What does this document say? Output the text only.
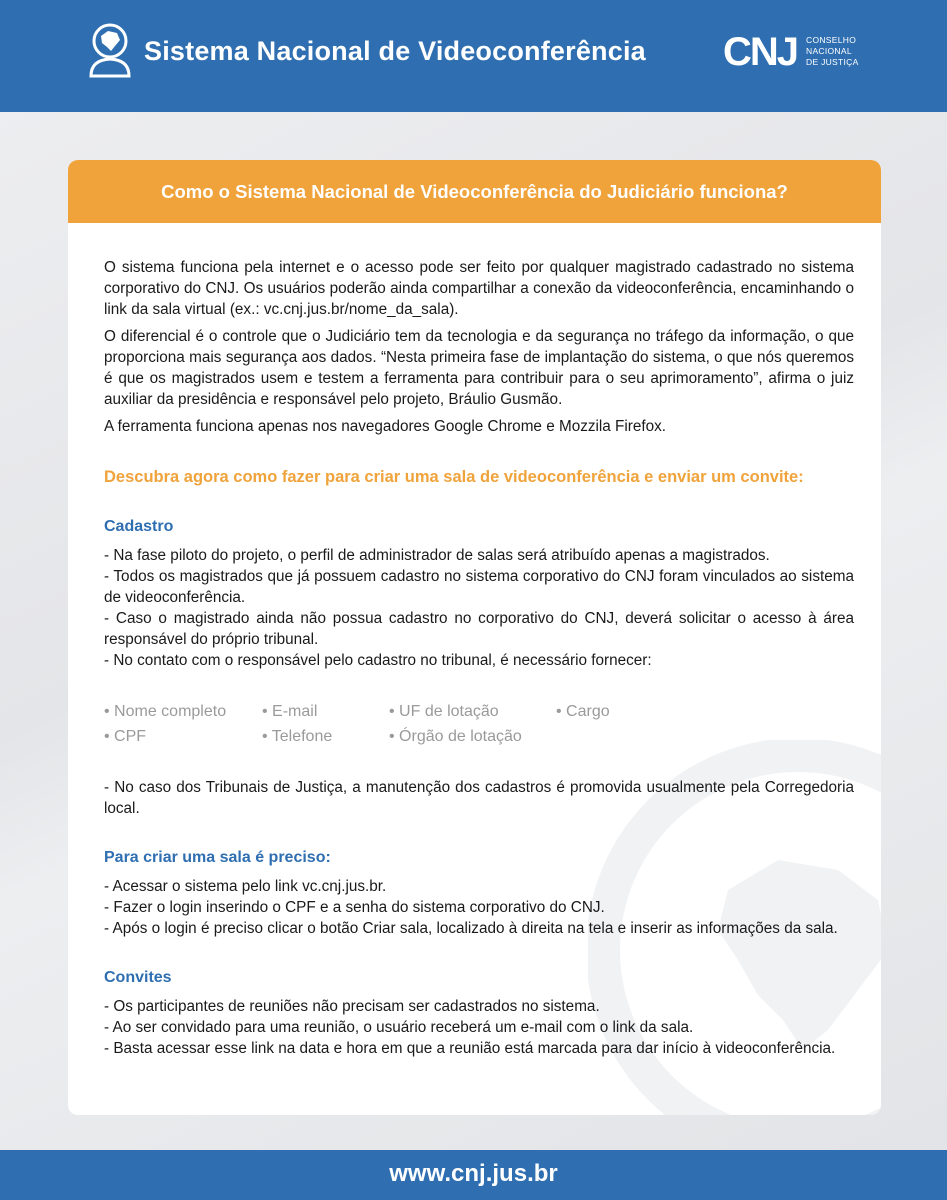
Sistema Nacional de Videoconferência CNJ CONSELHO
NACIONAL
DE JUSTIÇA
Como o Sistema Nacional de Videoconferência do Judiciário funciona?

O sistema funciona pela internet e o acesso pode ser feito por qualquer magistrado cadastrado no sistema corporativo do CNJ. Os usuários poderão ainda compartilhar a conexão da videoconferência, encaminhando o link da sala virtual (ex.: vc.cnj.jus.br/nome_da_sala).

O diferencial é o controle que o Judiciário tem da tecnologia e da segurança no tráfego da informação, o que proporciona mais segurança aos dados. “Nesta primeira fase de implantação do sistema, o que nós queremos é que os magistrados usem e testem a ferramenta para contribuir para o seu aprimoramento”, afirma o juiz auxiliar da presidência e responsável pelo projeto, Bráulio Gusmão.

A ferramenta funciona apenas nos navegadores Google Chrome e Mozzila Firefox.

Descubra agora como fazer para criar uma sala de videoconferência e enviar um convite:
Cadastro
- Na fase piloto do projeto, o perfil de administrador de salas será atribuído apenas a magistrados.
- Todos os magistrados que já possuem cadastro no sistema corporativo do CNJ foram vinculados ao sistema de videoconferência.
- Caso o magistrado ainda não possua cadastro no corporativo do CNJ, deverá solicitar o acesso à área responsável do próprio tribunal.
- No contato com o responsável pelo cadastro no tribunal, é necessário fornecer:
• Nome completo	• E-mail	• UF de lotação	• Cargo
• CPF	• Telefone	• Órgão de lotação
- No caso dos Tribunais de Justiça, a manutenção dos cadastros é promovida usualmente pela Corregedoria local.
Para criar uma sala é preciso:
- Acessar o sistema pelo link vc.cnj.jus.br.
- Fazer o login inserindo o CPF e a senha do sistema corporativo do CNJ.
- Após o login é preciso clicar o botão Criar sala, localizado à direita na tela e inserir as informações da sala.
Convites
- Os participantes de reuniões não precisam ser cadastrados no sistema.
- Ao ser convidado para uma reunião, o usuário receberá um e-mail com o link da sala.
- Basta acessar esse link na data e hora em que a reunião está marcada para dar início à videoconferência.
www.cnj.jus.br
